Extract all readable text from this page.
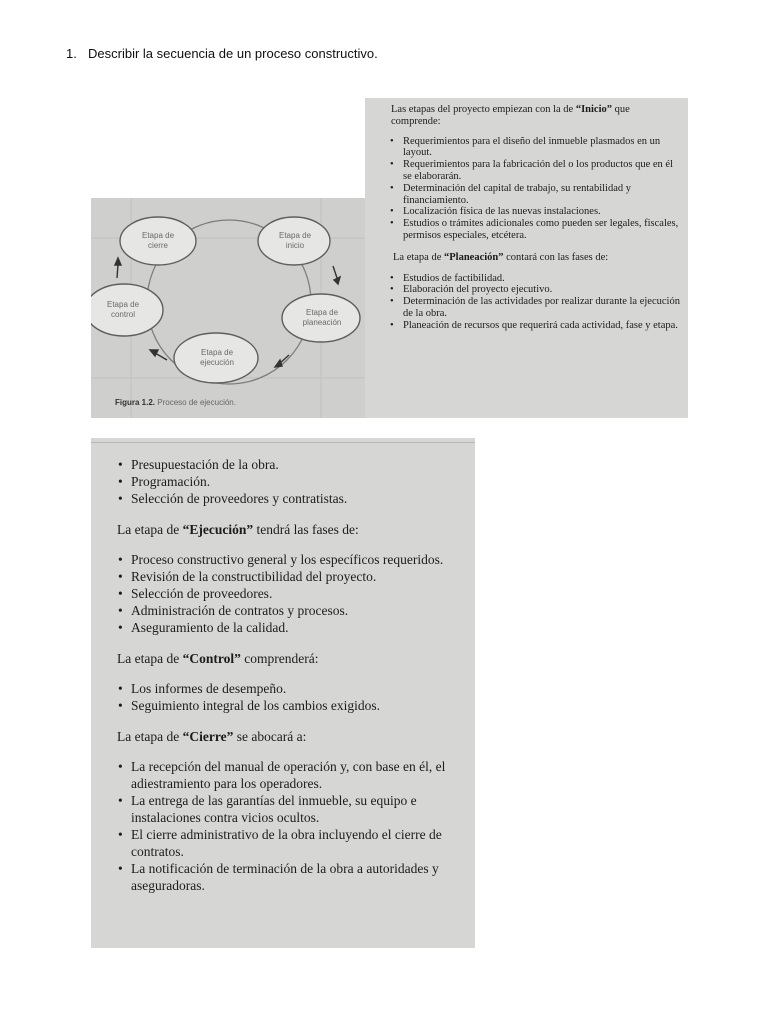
1. Describir la secuencia de un proceso constructivo.
Etapa de cierre
Etapa de inicio
Etapa de planeación
Etapa de ejecución
Etapa de control
Figura 1.2. Proceso de ejecución.

Las etapas del proyecto empiezan con la de “Inicio” que comprende:

• Requerimientos para el diseño del inmueble plasmados en un layout.
• Requerimientos para la fabricación del o los productos que en él se elaborarán.
• Determinación del capital de trabajo, su rentabilidad y financiamiento.
• Localización física de las nuevas instalaciones.
• Estudios o trámites adicionales como pueden ser legales, fiscales, permisos especiales, etcétera.

La etapa de “Planeación” contará con las fases de:

• Estudios de factibilidad.
• Elaboración del proyecto ejecutivo.
• Determinación de las actividades por realizar durante la ejecución de la obra.
• Planeación de recursos que requerirá cada actividad, fase y etapa.
• Presupuestación de la obra.
• Programación.
• Selección de proveedores y contratistas.

La etapa de “Ejecución” tendrá las fases de:

• Proceso constructivo general y los específicos requeridos.
• Revisión de la constructibilidad del proyecto.
• Selección de proveedores.
• Administración de contratos y procesos.
• Aseguramiento de la calidad.

La etapa de “Control” comprenderá:

• Los informes de desempeño.
• Seguimiento integral de los cambios exigidos.

La etapa de “Cierre” se abocará a:

• La recepción del manual de operación y, con base en él, el adiestramiento para los operadores.
• La entrega de las garantías del inmueble, su equipo e instalaciones contra vicios ocultos.
• El cierre administrativo de la obra incluyendo el cierre de contratos.
• La notificación de terminación de la obra a autoridades y aseguradoras.
